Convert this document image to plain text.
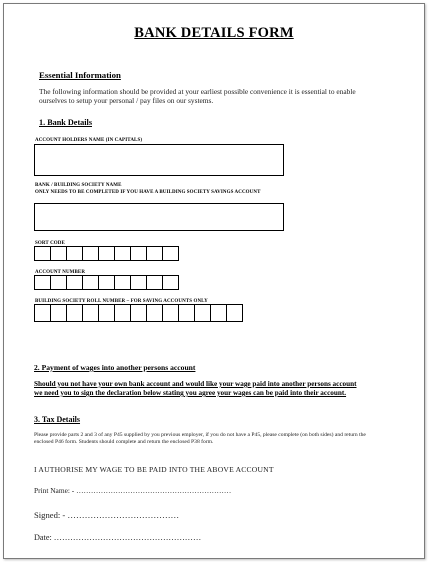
BANK DETAILS FORM
Essential Information
The following information should be provided at your earliest possible convenience it is essential to enable ourselves to setup your personal / pay files on our systems.
1. Bank Details
ACCOUNT HOLDERS NAME (IN CAPITALS)
BANK / BUILDING SOCIETY NAME
ONLY NEEDS TO BE COMPLETED IF YOU HAVE A BUILDING SOCIETY SAVINGS ACCOUNT
SORT CODE
ACCOUNT NUMBER
BUILDING SOCIETY ROLL NUMBER – FOR SAVING ACCOUNTS ONLY
2. Payment of wages into another persons account
Should you not have your own bank account and would like your wage paid into another persons account we need you to sign the declaration below stating you agree your wages can be paid into their account.
3. Tax Details
Please provide parts 2 and 3 of any P45 supplied by you previous employer, if you do not have a P45, please complete (on both sides) and return the enclosed P46 form. Students should complete and return the enclosed P38 form.
I AUTHORISE MY WAGE TO BE PAID INTO THE ABOVE ACCOUNT
Print Name: - ………………………………………………………
Signed: - …………………………………
Date: ………………………………………………
